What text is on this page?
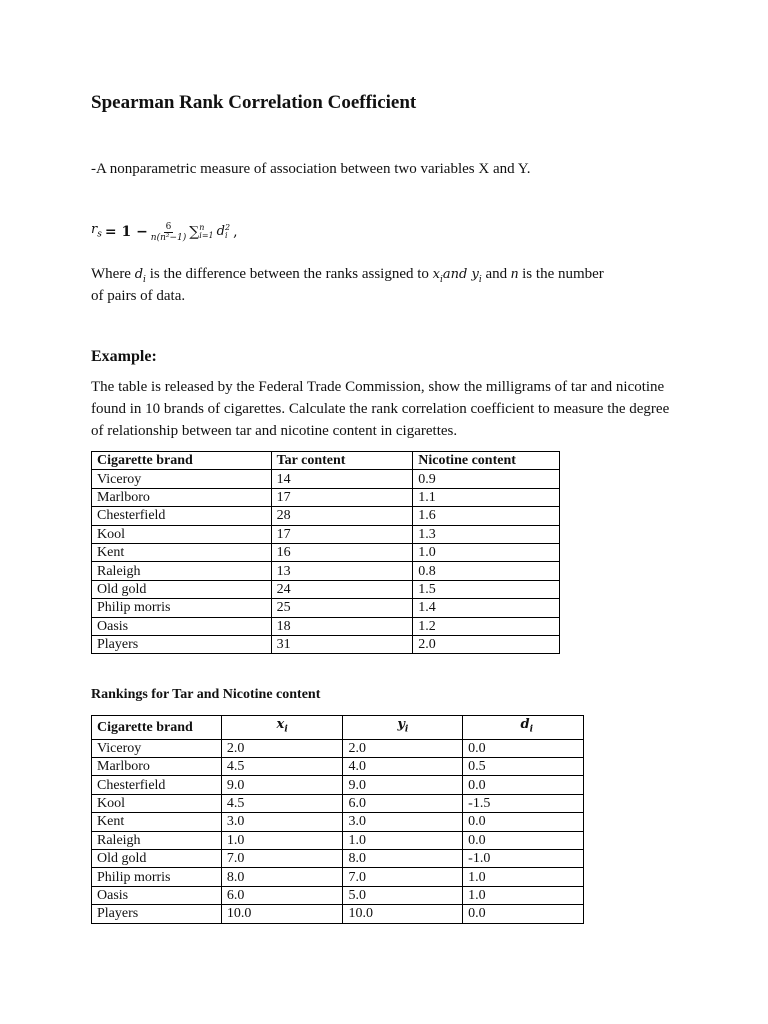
Spearman Rank Correlation Coefficient

-A nonparametric measure of association between two variables X and Y.

$r_s = 1 - \frac{6}{\text{n(n²−1)}}$ ∑ n
i=1 d 2
i ,

Where $d_i$ is the difference between the ranks assigned to $x_iand$ $y_i$ and n is the number

of pairs of data.

Example:

The table is released by the Federal Trade Commission, show the milligrams of tar and nicotine found in 10 brands of cigarettes. Calculate the rank correlation coefficient to measure the degree of relationship between tar and nicotine content in cigarettes.

Cigarette brand	Tar content	Nicotine content
Viceroy	14	0.9
Marlboro	17	1.1
Chesterfield	28	1.6
Kool	17	1.3
Kent	16	1.0
Raleigh	13	0.8
Old gold	24	1.5
Philip morris	25	1.4
Oasis	18	1.2
Players	31	2.0

Rankings for Tar and Nicotine content

Cigarette brand	$x_i$	$y_i$	$d_i$
Viceroy	2.0	2.0	0.0
Marlboro	4.5	4.0	0.5
Chesterfield	9.0	9.0	0.0
Kool	4.5	6.0	-1.5
Kent	3.0	3.0	0.0
Raleigh	1.0	1.0	0.0
Old gold	7.0	8.0	-1.0
Philip morris	8.0	7.0	1.0
Oasis	6.0	5.0	1.0
Players	10.0	10.0	0.0
